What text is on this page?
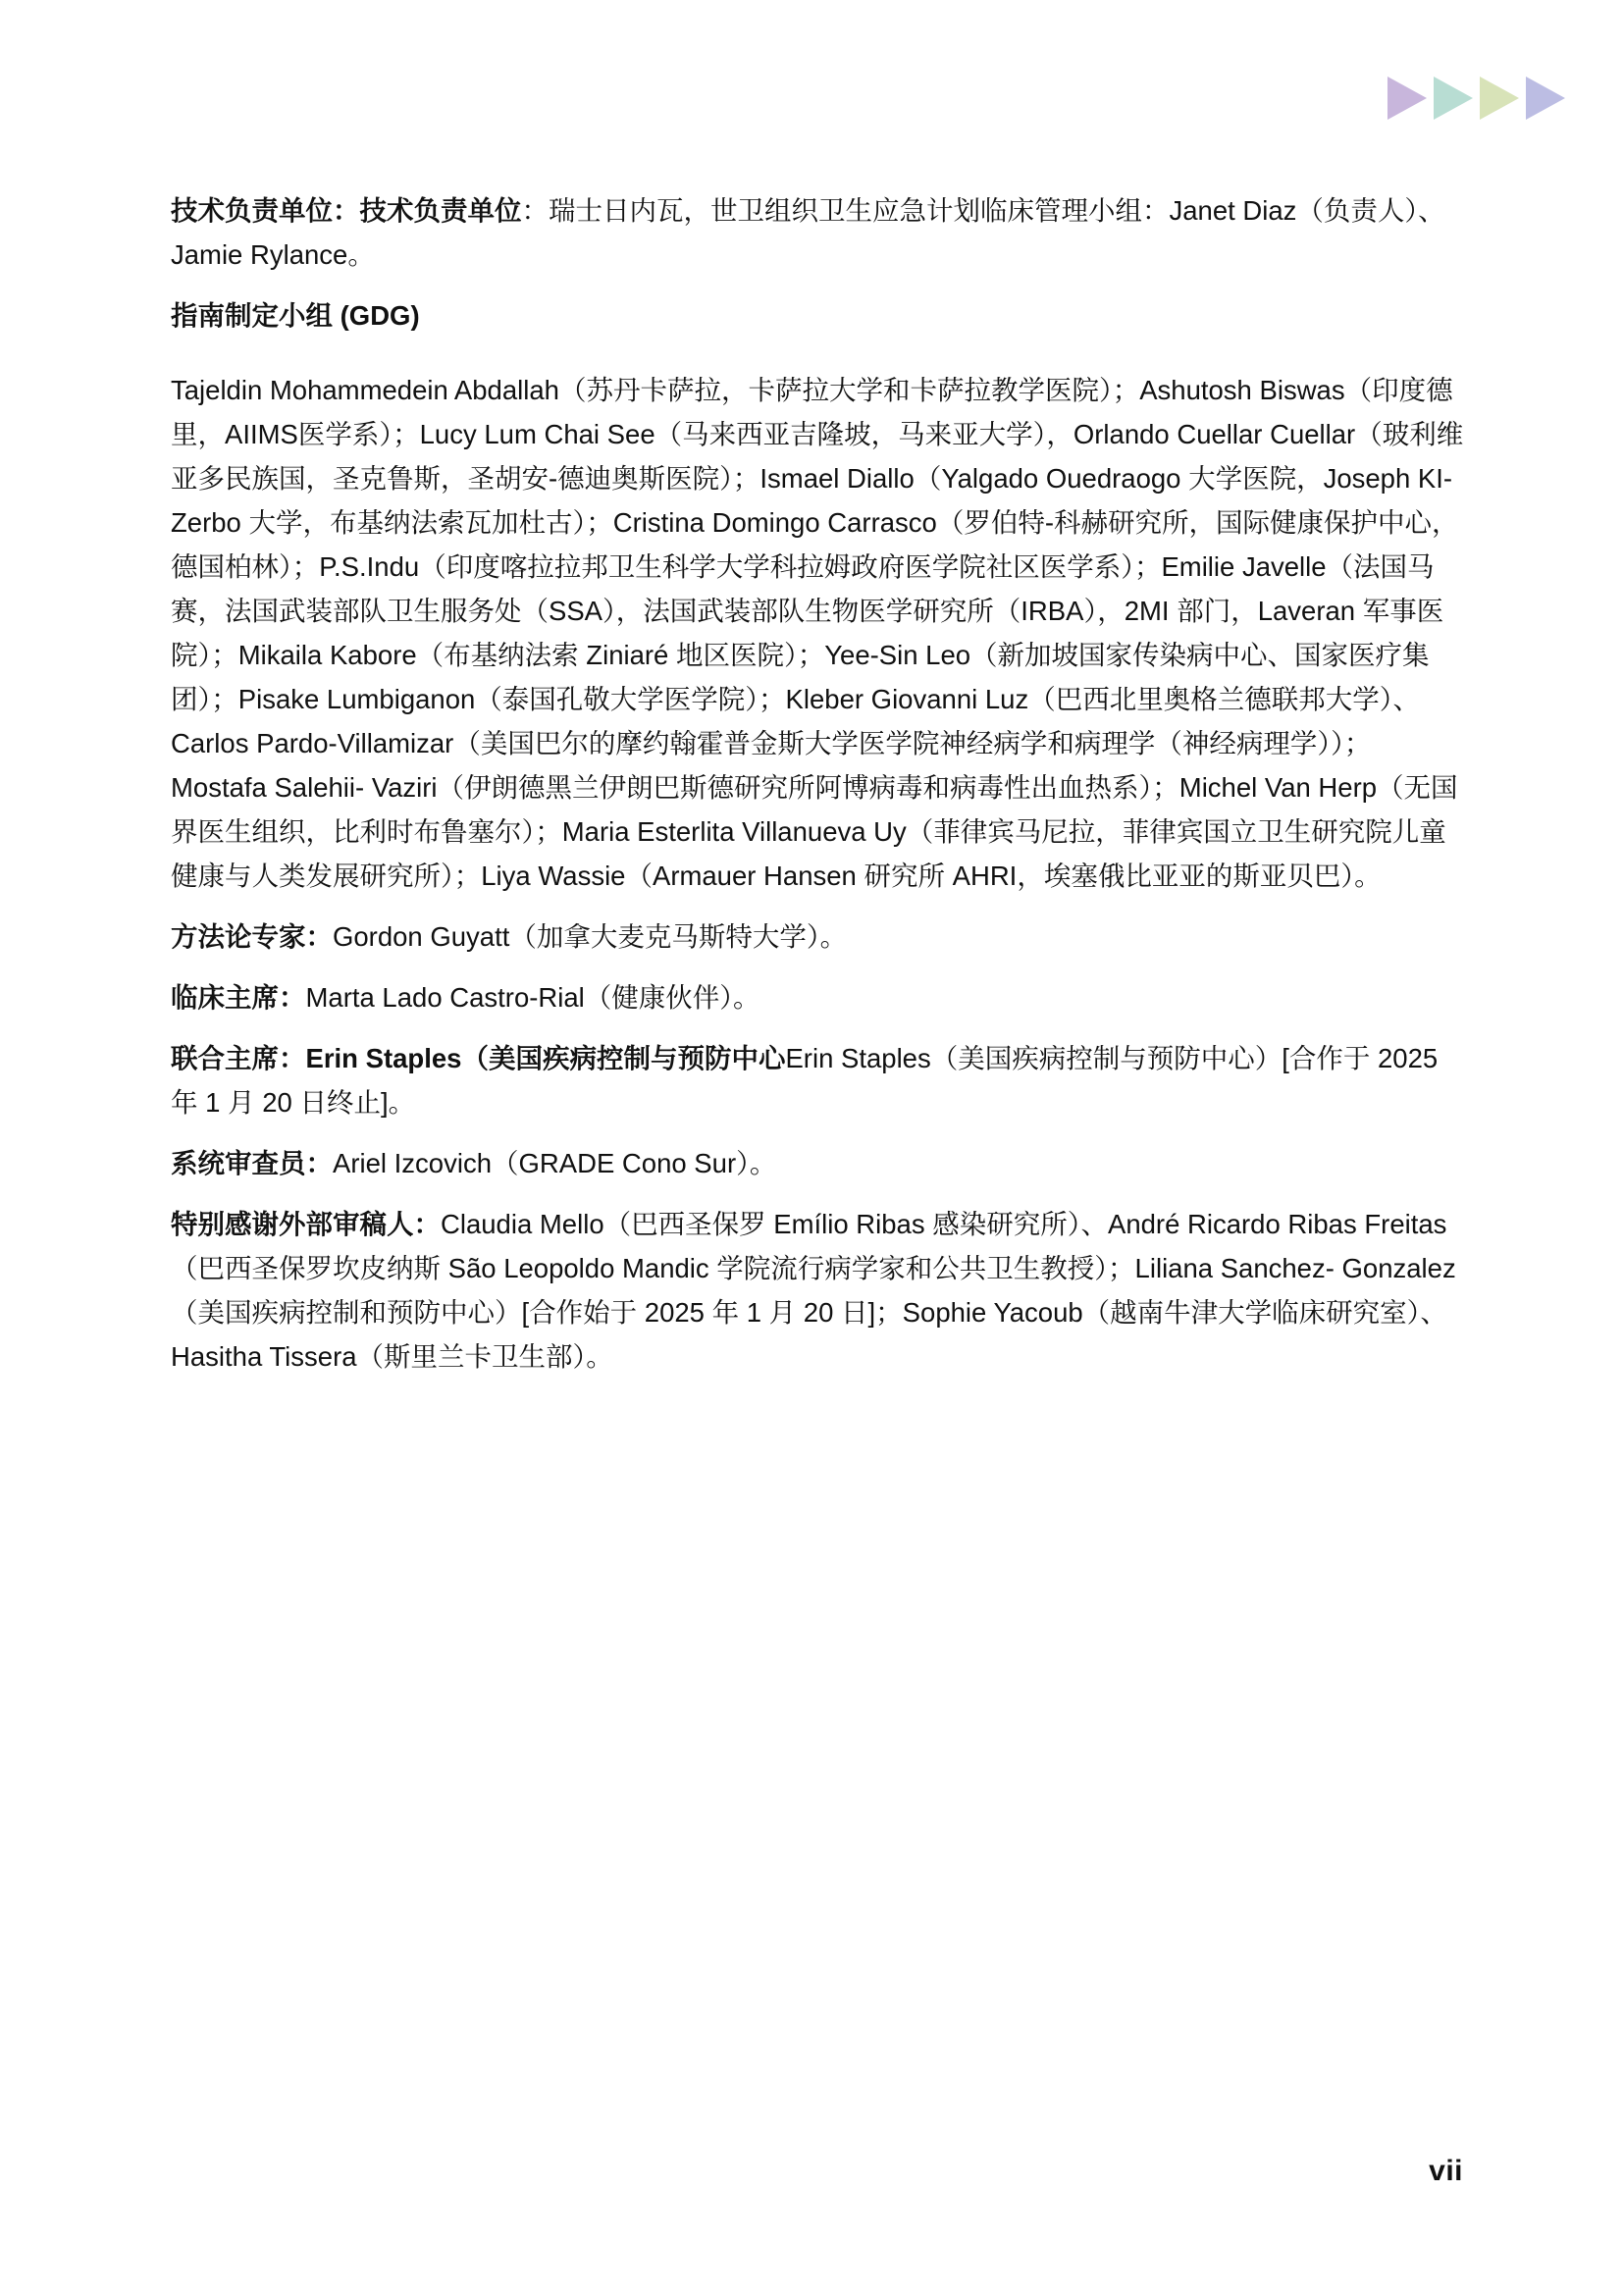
技术负责单位：技术负责单位：瑞士日内瓦，世卫组织卫生应急计划临床管理小组：Janet Diaz（负责人）、Jamie Rylance。

指南制定小组 (GDG)

Tajeldin Mohammedein Abdallah（苏丹卡萨拉，卡萨拉大学和卡萨拉教学医院）；Ashutosh Biswas（印度德里，AIIMS医学系）；Lucy Lum Chai See（马来西亚吉隆坡，马来亚大学），Orlando Cuellar Cuellar（玻利维亚多民族国，圣克鲁斯，圣胡安-德迪奥斯医院）；Ismael Diallo（Yalgado Ouedraogo 大学医院，Joseph KI-Zerbo 大学，布基纳法索瓦加杜古）；Cristina Domingo Carrasco（罗伯特-科赫研究所，国际健康保护中心，德国柏林）；P.S.Indu（印度喀拉拉邦卫生科学大学科拉姆政府医学院社区医学系）；Emilie Javelle（法国马赛，法国武装部队卫生服务处（SSA），法国武装部队生物医学研究所（IRBA），2MI 部门，Laveran 军事医院）；Mikaila Kabore（布基纳法索 Ziniaré 地区医院）；Yee-Sin Leo（新加坡国家传染病中心、国家医疗集团）；Pisake Lumbiganon（泰国孔敬大学医学院）；Kleber Giovanni Luz（巴西北里奥格兰德联邦大学）、Carlos Pardo-Villamizar（美国巴尔的摩约翰霍普金斯大学医学院神经病学和病理学（神经病理学））；Mostafa Salehii- Vaziri（伊朗德黑兰伊朗巴斯德研究所阿博病毒和病毒性出血热系）；Michel Van Herp（无国界医生组织，比利时布鲁塞尔）；Maria Esterlita Villanueva Uy（菲律宾马尼拉，菲律宾国立卫生研究院儿童健康与人类发展研究所）；Liya Wassie（Armauer Hansen 研究所 AHRI，埃塞俄比亚亚的斯亚贝巴）。

方法论专家：Gordon Guyatt（加拿大麦克马斯特大学）。

临床主席：Marta Lado Castro-Rial（健康伙伴）。

联合主席：Erin Staples（美国疾病控制与预防中心Erin Staples（美国疾病控制与预防中心）[合作于 2025 年 1 月 20 日终止]。

系统审查员：Ariel Izcovich（GRADE Cono Sur）。

特别感谢外部审稿人：Claudia Mello（巴西圣保罗 Emílio Ribas 感染研究所）、André Ricardo Ribas Freitas（巴西圣保罗坎皮纳斯 São Leopoldo Mandic 学院流行病学家和公共卫生教授）；Liliana Sanchez- Gonzalez（美国疾病控制和预防中心）[合作始于 2025 年 1 月 20 日]；Sophie Yacoub（越南牛津大学临床研究室）、Hasitha Tissera（斯里兰卡卫生部）。

vii
